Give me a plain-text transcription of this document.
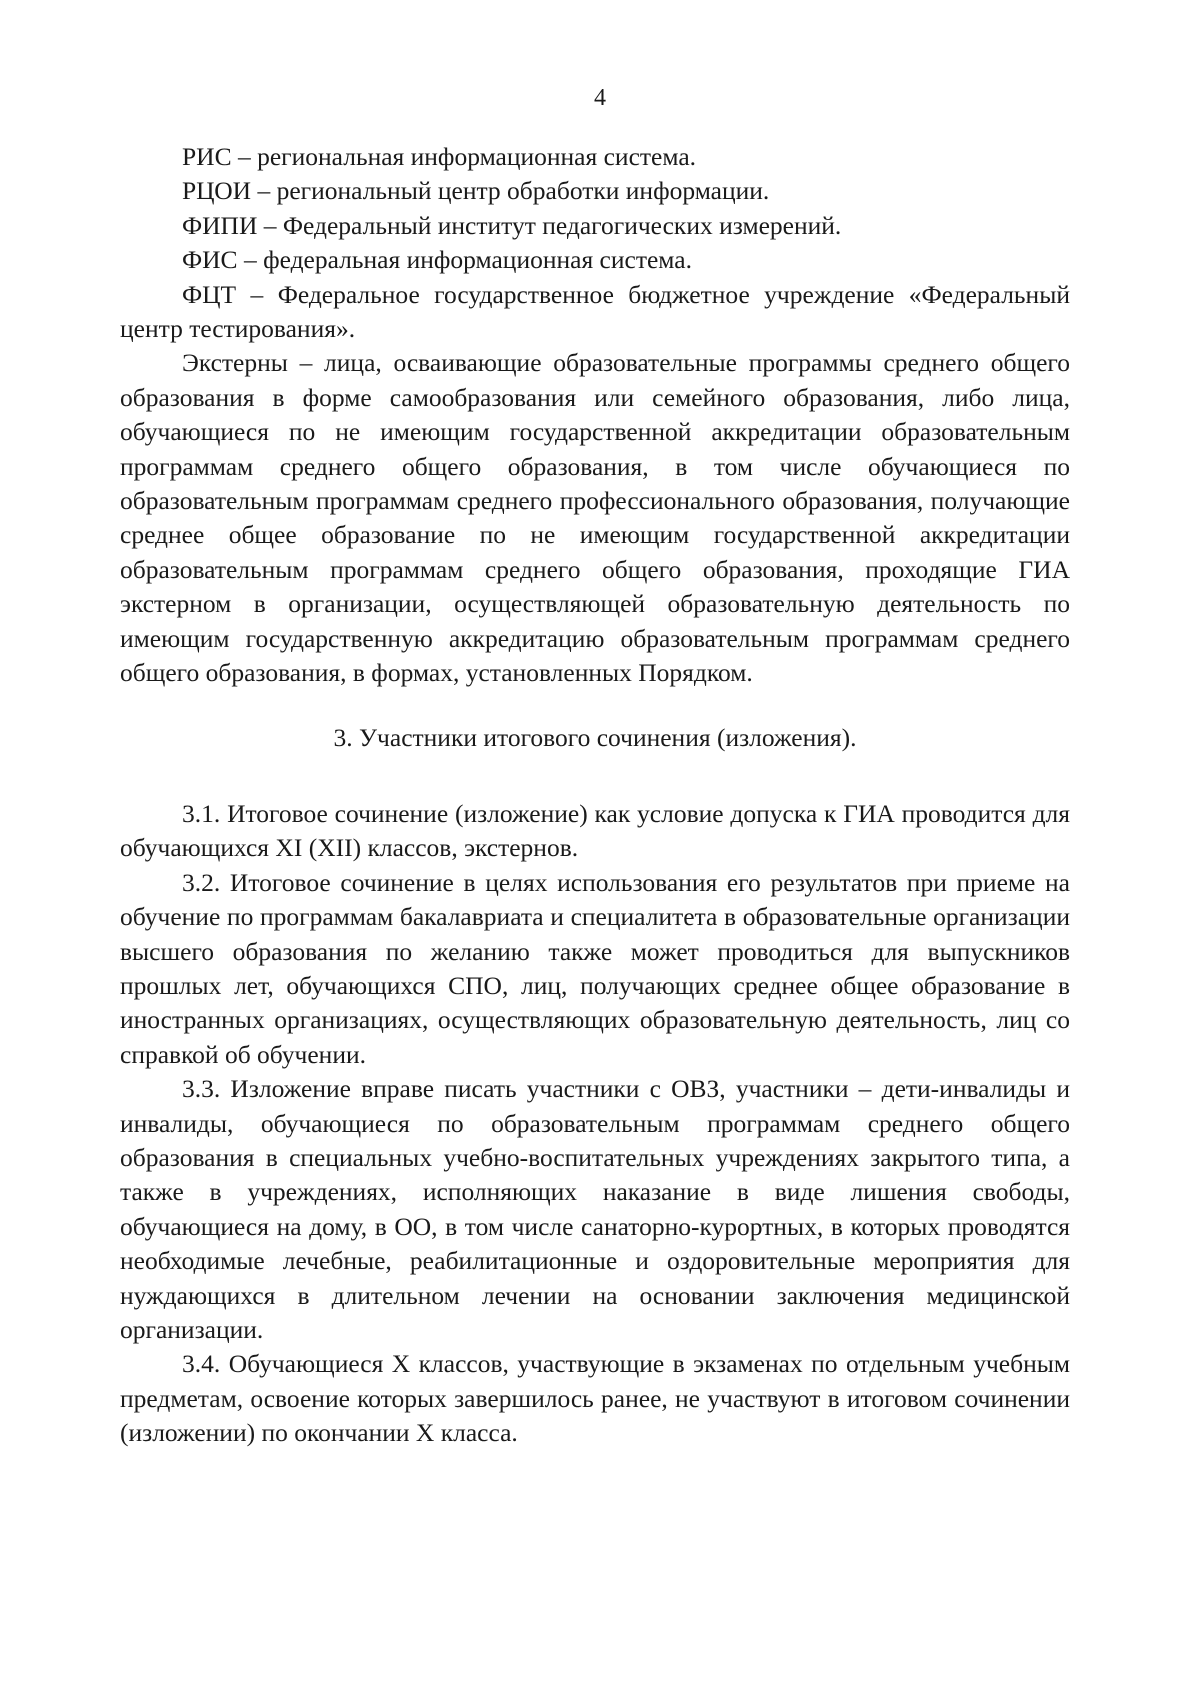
4

РИС – региональная информационная система.

РЦОИ – региональный центр обработки информации.

ФИПИ – Федеральный институт педагогических измерений.

ФИС – федеральная информационная система.

ФЦТ – Федеральное государственное бюджетное учреждение «Федеральный центр тестирования».

Экстерны – лица, осваивающие образовательные программы среднего общего образования в форме самообразования или семейного образования, либо лица, обучающиеся по не имеющим государственной аккредитации образовательным программам среднего общего образования, в том числе обучающиеся по образовательным программам среднего профессионального образования, получающие среднее общее образование по не имеющим государственной аккредитации образовательным программам среднего общего образования, проходящие ГИА экстерном в организации, осуществляющей образовательную деятельность по имеющим государственную аккредитацию образовательным программам среднего общего образования, в формах, установленных Порядком.

3. Участники итогового сочинения (изложения).

3.1. Итоговое сочинение (изложение) как условие допуска к ГИА проводится для обучающихся XI (XII) классов, экстернов.

3.2. Итоговое сочинение в целях использования его результатов при приеме на обучение по программам бакалавриата и специалитета в образовательные организации высшего образования по желанию также может проводиться для выпускников прошлых лет, обучающихся СПО, лиц, получающих среднее общее образование в иностранных организациях, осуществляющих образовательную деятельность, лиц со справкой об обучении.

3.3. Изложение вправе писать участники с ОВЗ, участники – дети-инвалиды и инвалиды, обучающиеся по образовательным программам среднего общего образования в специальных учебно-воспитательных учреждениях закрытого типа, а также в учреждениях, исполняющих наказание в виде лишения свободы, обучающиеся на дому, в ОО, в том числе санаторно-курортных, в которых проводятся необходимые лечебные, реабилитационные и оздоровительные мероприятия для нуждающихся в длительном лечении на основании заключения медицинской организации.

3.4. Обучающиеся X классов, участвующие в экзаменах по отдельным учебным предметам, освоение которых завершилось ранее, не участвуют в итоговом сочинении (изложении) по окончании X класса.
